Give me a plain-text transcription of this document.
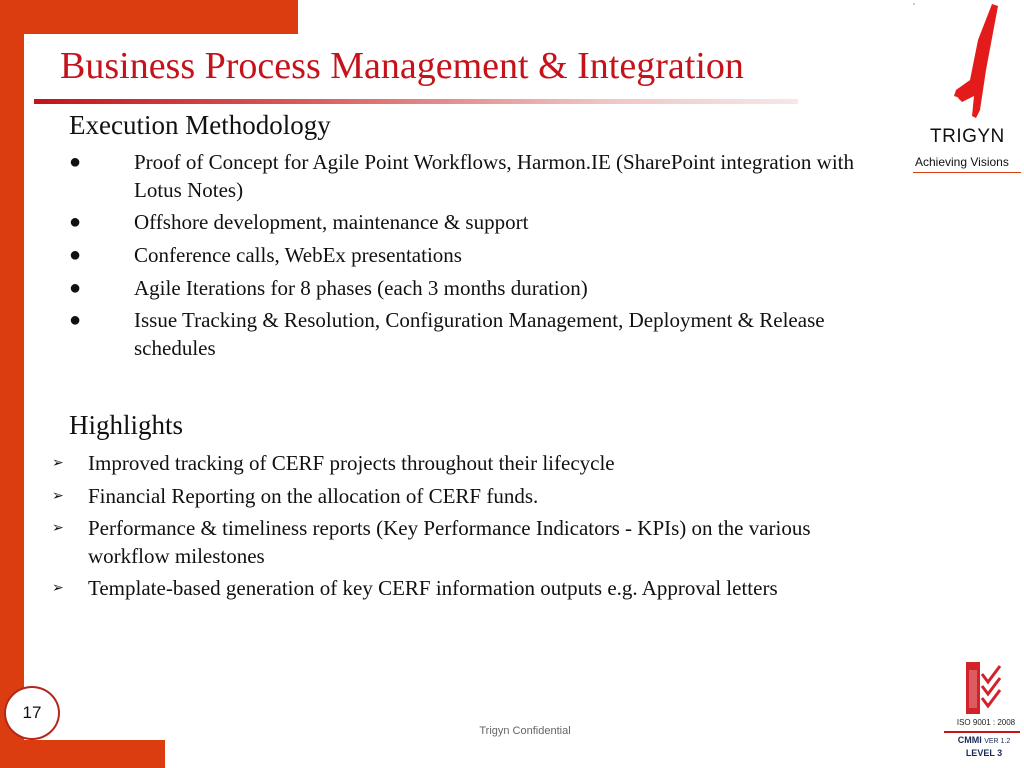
Business Process Management & Integration
Execution Methodology
●	Proof of Concept for Agile Point Workflows, Harmon.IE (SharePoint integration with Lotus Notes)
●	Offshore development, maintenance & support
●	Conference calls, WebEx presentations
●	Agile Iterations for 8 phases (each 3 months duration)
●	Issue Tracking & Resolution, Configuration Management, Deployment & Release schedules
Highlights
➢ Improved tracking of CERF projects throughout their lifecycle
➢ Financial Reporting on the allocation of CERF funds.
➢ Performance & timeliness reports (Key Performance Indicators - KPIs) on the various workflow milestones
➢ Template-based generation of key CERF information outputs e.g. Approval letters
TRIGYN
Achieving Visions
17
Trigyn Confidential
ISO 9001 : 2008
CMMI VER 1.2
LEVEL 3
